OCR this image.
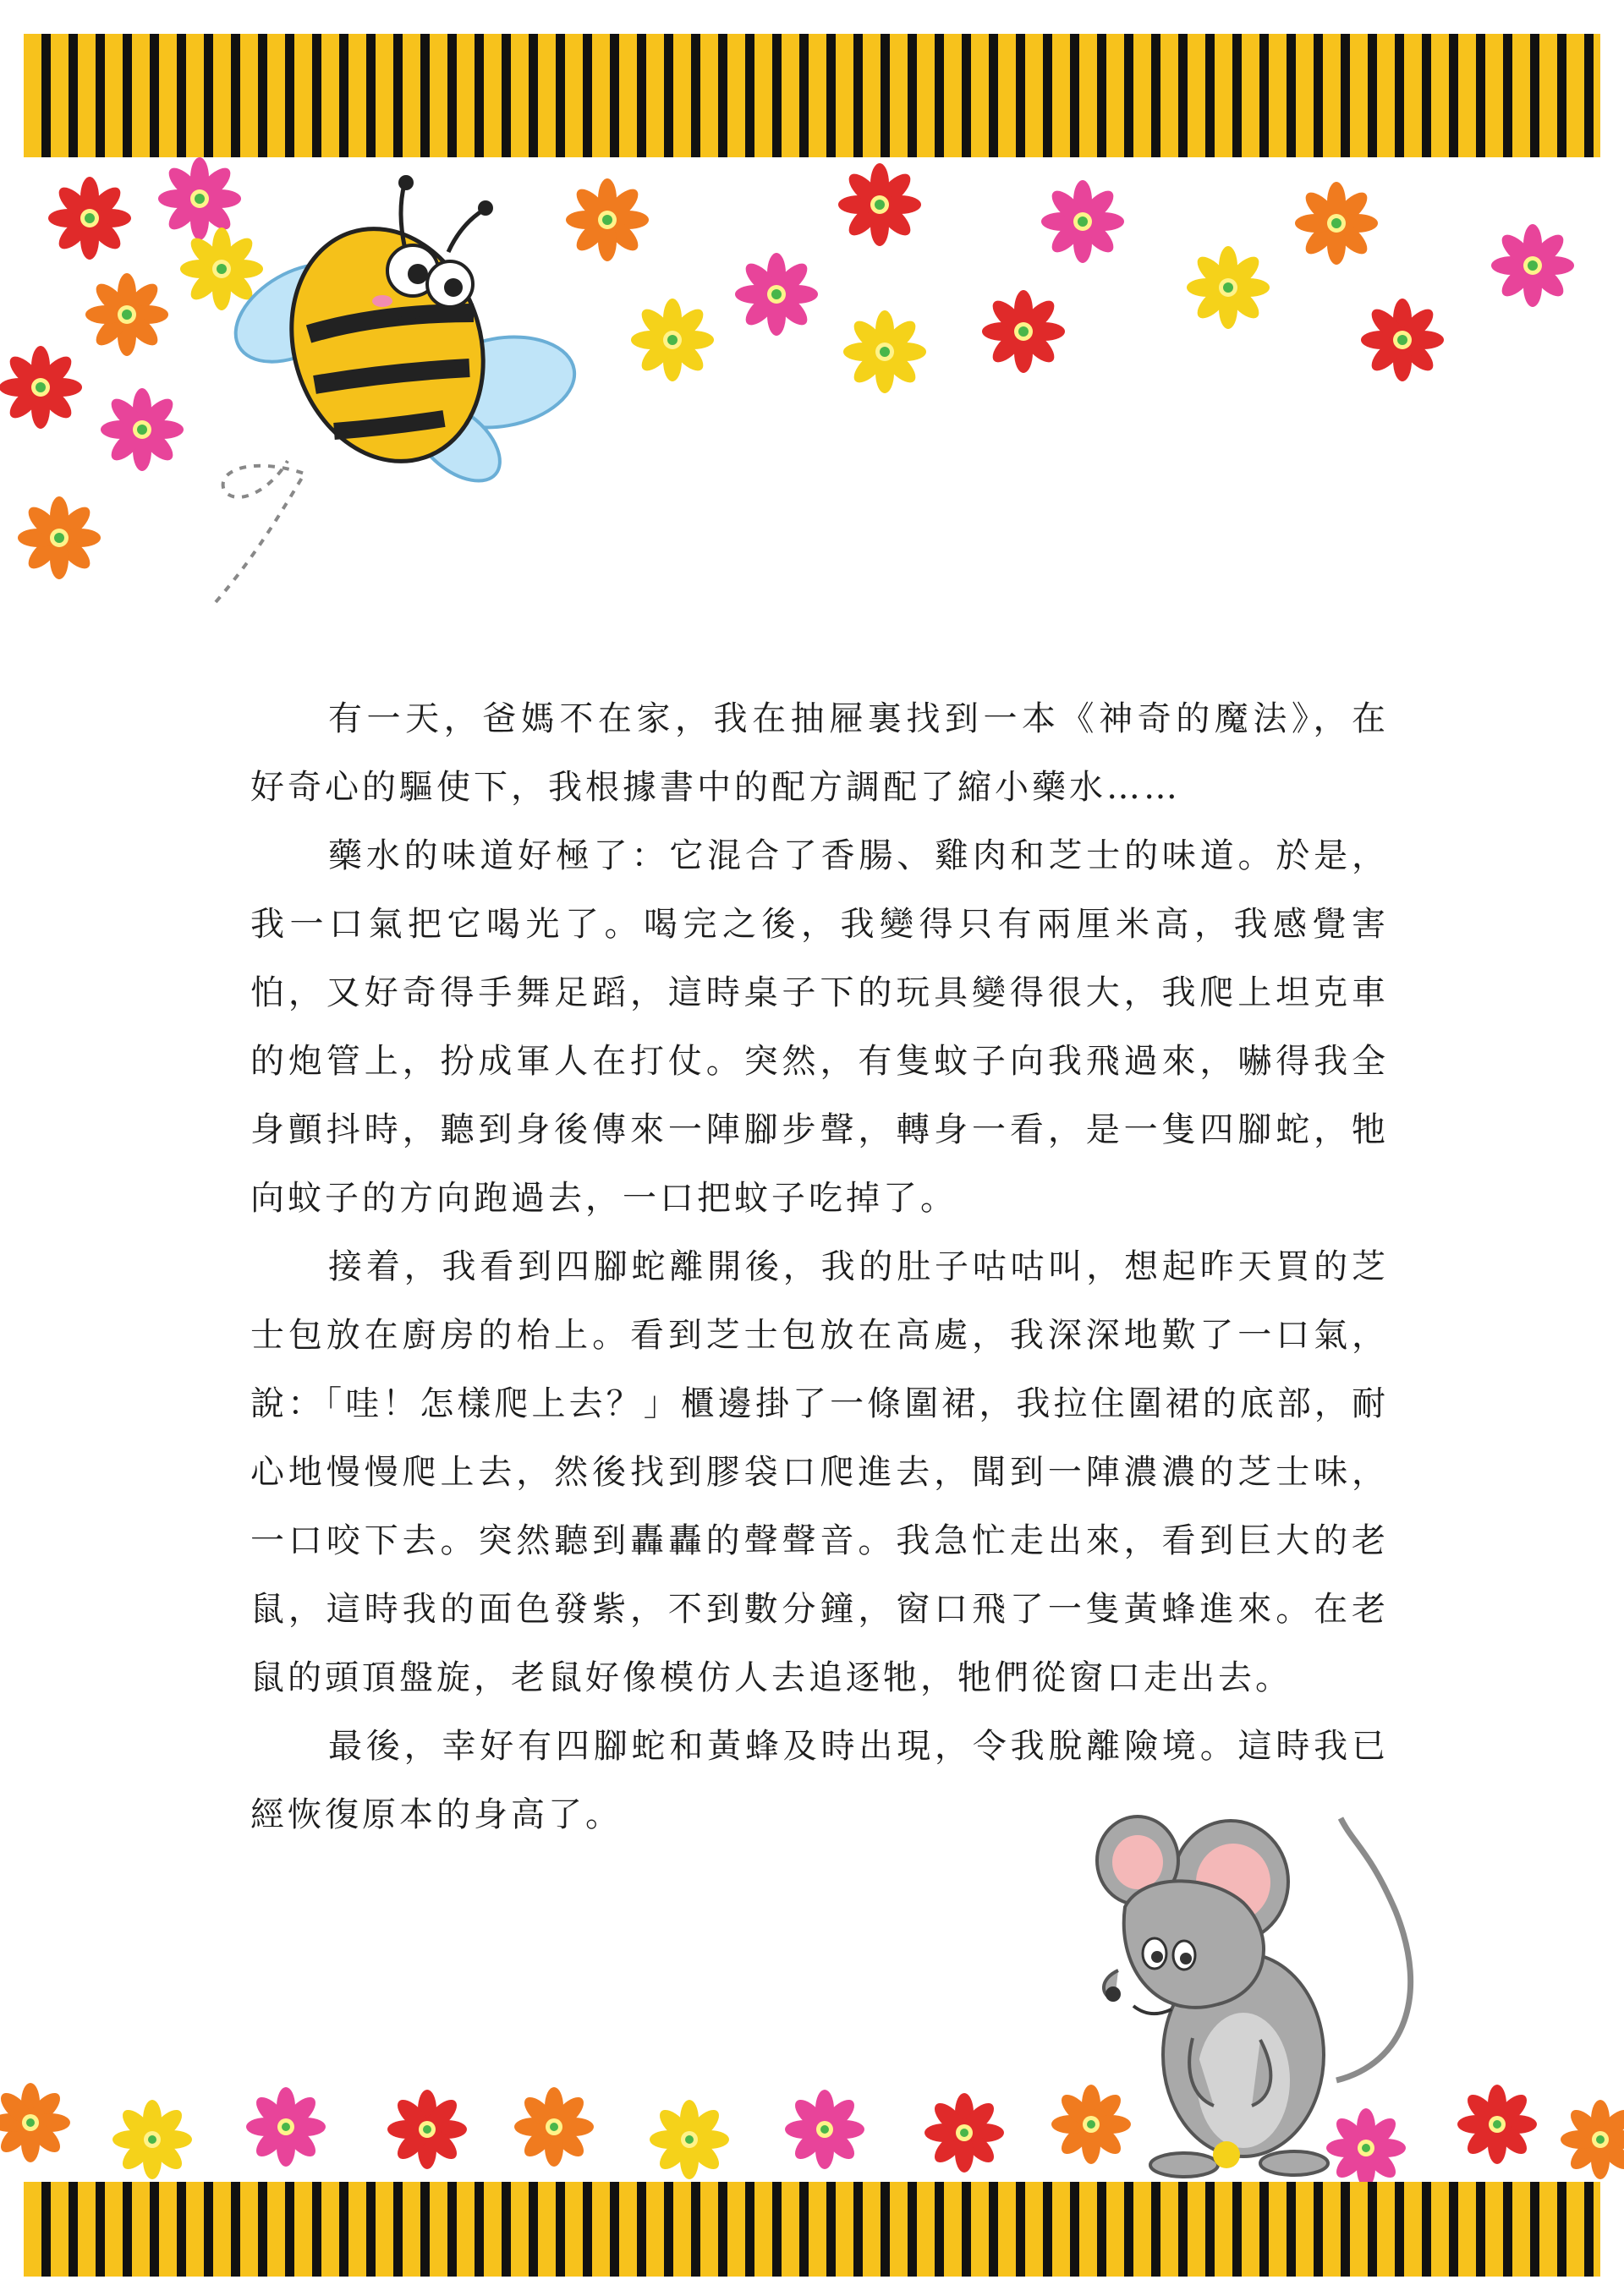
有一天，爸媽不在家，我在抽屜裏找到一本《神奇的魔法》，在好奇心的驅使下，我根據書中的配方調配了縮小藥水……

藥水的味道好極了：它混合了香腸、雞肉和芝士的味道。於是，我一口氣把它喝光了。喝完之後，我變得只有兩厘米高，我感覺害怕，又好奇得手舞足蹈，這時桌子下的玩具變得很大，我爬上坦克車的炮管上，扮成軍人在打仗。突然，有隻蚊子向我飛過來，嚇得我全身顫抖時，聽到身後傳來一陣腳步聲，轉身一看，是一隻四腳蛇，牠向蚊子的方向跑過去，一口把蚊子吃掉了。

接着，我看到四腳蛇離開後，我的肚子咕咕叫，想起昨天買的芝士包放在廚房的枱上。看到芝士包放在高處，我深深地歎了一口氣，說：「哇！怎樣爬上去？」櫃邊掛了一條圍裙，我拉住圍裙的底部，耐心地慢慢爬上去，然後找到膠袋口爬進去，聞到一陣濃濃的芝士味，一口咬下去。突然聽到轟轟的聲聲音。我急忙走出來，看到巨大的老鼠，這時我的面色發紫，不到數分鐘，窗口飛了一隻黃蜂進來。在老鼠的頭頂盤旋，老鼠好像模仿人去追逐牠，牠們從窗口走出去。

最後，幸好有四腳蛇和黃蜂及時出現，令我脫離險境。這時我已經恢復原本的身高了。
